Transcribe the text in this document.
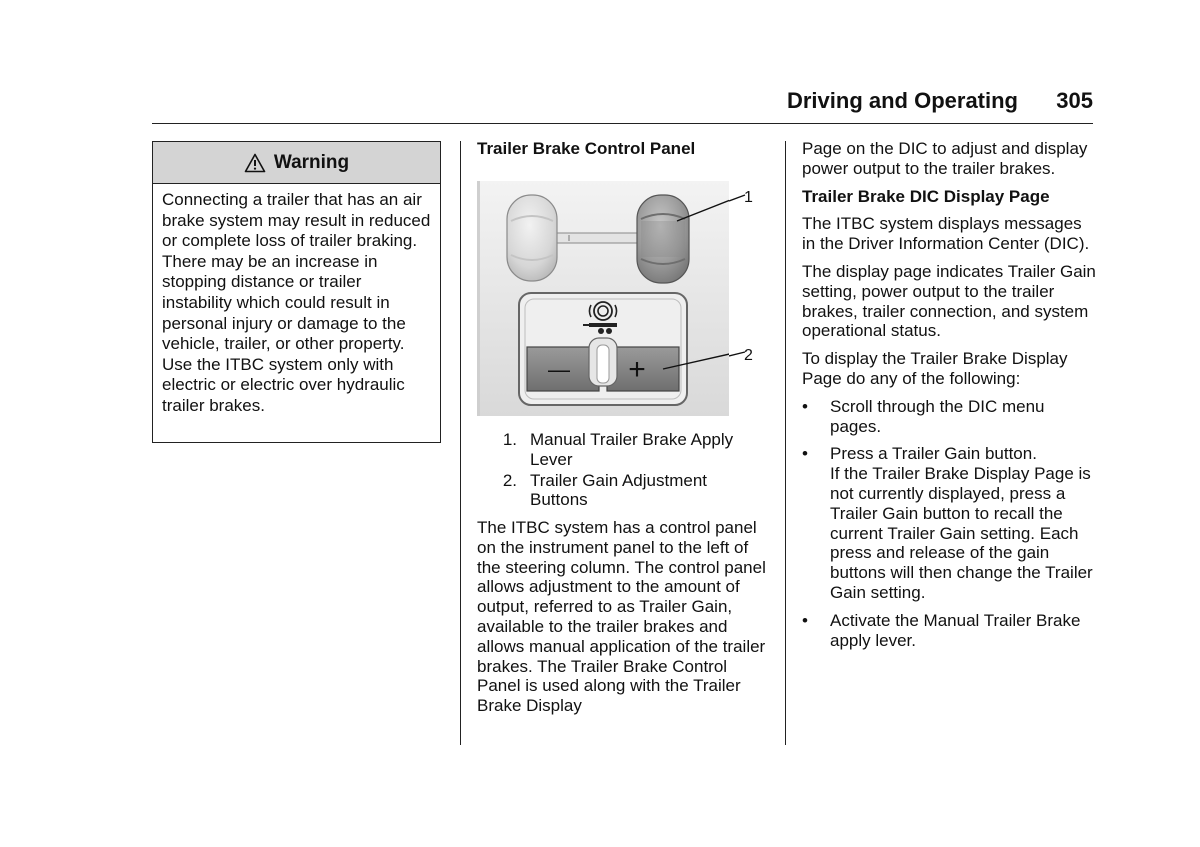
Driving and Operating	305
Warning
Connecting a trailer that has an air brake system may result in reduced or complete loss of trailer braking. There may be an increase in stopping distance or trailer instability which could result in personal injury or damage to the vehicle, trailer, or other property. Use the ITBC system only with electric or electric over hydraulic trailer brakes.
Trailer Brake Control Panel
— +
1
2
1. Manual Trailer Brake Apply Lever
2. Trailer Gain Adjustment Buttons

The ITBC system has a control panel on the instrument panel to the left of the steering column. The control panel allows adjustment to the amount of output, referred to as Trailer Gain, available to the trailer brakes and allows manual application of the trailer brakes. The Trailer Brake Control Panel is used along with the Trailer Brake Display

Page on the DIC to adjust and display power output to the trailer brakes.

Trailer Brake DIC Display Page

The ITBC system displays messages in the Driver Information Center (DIC).

The display page indicates Trailer Gain setting, power output to the trailer brakes, trailer connection, and system operational status.

To display the Trailer Brake Display Page do any of the following:

•	Scroll through the DIC menu pages.
•	Press a Trailer Gain button.
If the Trailer Brake Display Page is not currently displayed, press a Trailer Gain button to recall the current Trailer Gain setting. Each press and release of the gain buttons will then change the Trailer Gain setting.
•	Activate the Manual Trailer Brake apply lever.
